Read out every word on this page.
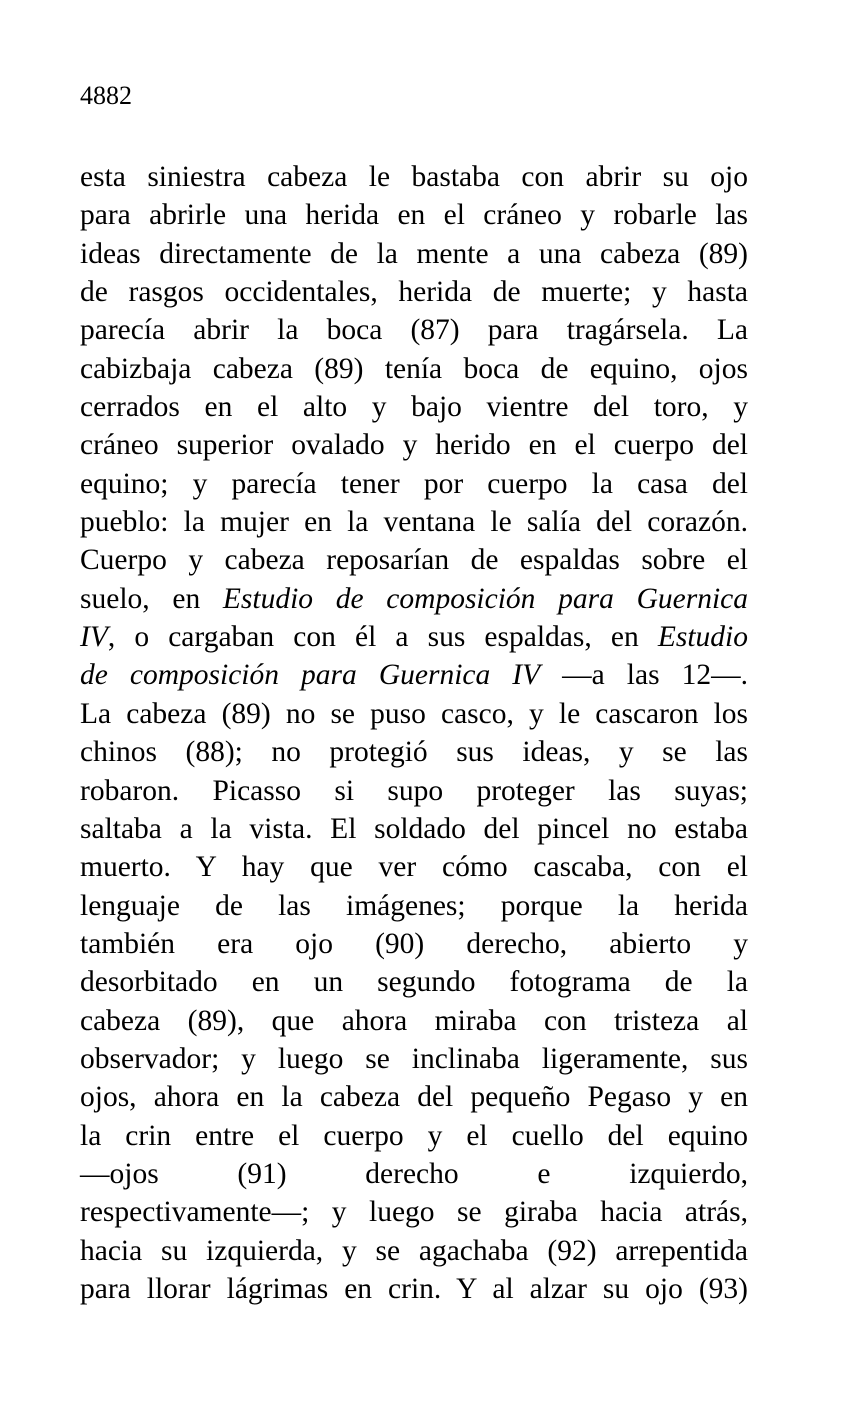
4882
esta siniestra cabeza le bastaba con abrir su ojo
para abrirle una herida en el cráneo y robarle las
ideas directamente de la mente a una cabeza (89)
de rasgos occidentales, herida de muerte; y hasta
parecía abrir la boca (87) para tragársela. La
cabizbaja cabeza (89) tenía boca de equino, ojos
cerrados en el alto y bajo vientre del toro, y
cráneo superior ovalado y herido en el cuerpo del
equino; y parecía tener por cuerpo la casa del
pueblo: la mujer en la ventana le salía del corazón.
Cuerpo y cabeza reposarían de espaldas sobre el
suelo, en Estudio de composición para Guernica
IV, o cargaban con él a sus espaldas, en Estudio
de composición para Guernica IV —a las 12—.
La cabeza (89) no se puso casco, y le cascaron los
chinos (88); no protegió sus ideas, y se las
robaron. Picasso si supo proteger las suyas;
saltaba a la vista. El soldado del pincel no estaba
muerto. Y hay que ver cómo cascaba, con el
lenguaje de las imágenes; porque la herida
también era ojo (90) derecho, abierto y
desorbitado en un segundo fotograma de la
cabeza (89), que ahora miraba con tristeza al
observador; y luego se inclinaba ligeramente, sus
ojos, ahora en la cabeza del pequeño Pegaso y en
la crin entre el cuerpo y el cuello del equino
—ojos (91) derecho e izquierdo,
respectivamente—; y luego se giraba hacia atrás,
hacia su izquierda, y se agachaba (92) arrepentida
para llorar lágrimas en crin. Y al alzar su ojo (93)
